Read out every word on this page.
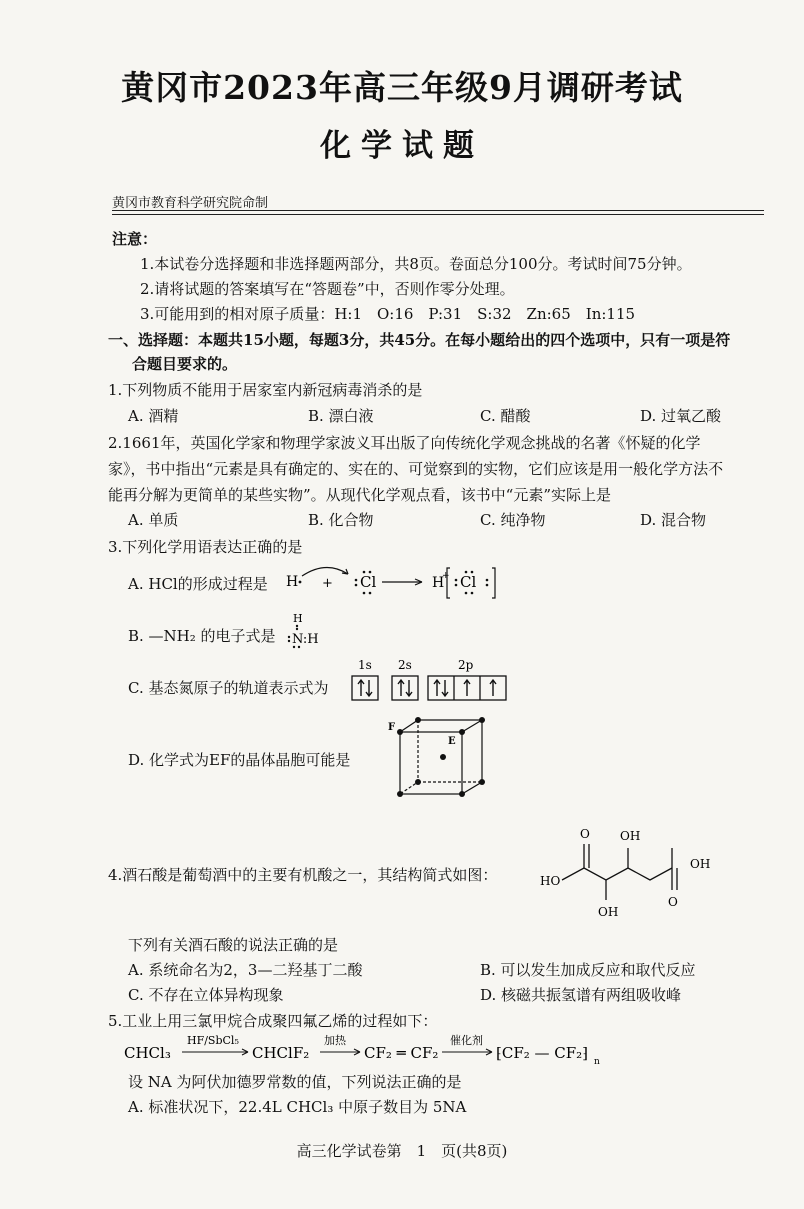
黄冈市2023年高三年级9月调研考试
化学试题
黄冈市教育科学研究院命制
注意：
1.本试卷分选择题和非选择题两部分，共8页。卷面总分100分。考试时间75分钟。
2.请将试题的答案填写在“答题卷”中，否则作零分处理。
3.可能用到的相对原子质量：H:1　O:16　P:31　S:32　Zn:65　In:115
一、选择题：本题共15小题，每题3分，共45分。在每小题给出的四个选项中，只有一项是符
合题目要求的。
1.下列物质不能用于居家室内新冠病毒消杀的是
A. 酒精	B. 漂白液	C. 醋酸	D. 过氧乙酸
2.1661年，英国化学家和物理学家波义耳出版了向传统化学观念挑战的名著《怀疑的化学
家》，书中指出“元素是具有确定的、实在的、可觉察到的实物，它们应该是用一般化学方法不
能再分解为更简单的某些实物”。从现代化学观点看，该书中“元素”实际上是
A. 单质	B. 化合物	C. 纯净物	D. 混合物
3.下列化学用语表达正确的是
A. HCl的形成过程是 H + Cl	H
+ Cl
B. —NH₂ 的电子式是
H
N:H
C. 基态氮原子的轨道表示式为
1s 2s	2p
D. 化学式为EF的晶体晶胞可能是
F
E
4.酒石酸是葡萄酒中的主要有机酸之一，其结构简式如图：
O	OH
OH
HO
OH
O
下列有关酒石酸的说法正确的是
A. 系统命名为2，3—二羟基丁二酸	B. 可以发生加成反应和取代反应
C. 不存在立体异构现象	D. 核磁共振氢谱有两组吸收峰
5.工业上用三氯甲烷合成聚四氟乙烯的过程如下：
CHCl₃
HF/SbCl₅
CHClF₂
加热
CF₂ ═ CF₂
催化剂
⁅CF₂ — CF₂⁆ n
设 NA 为阿伏加德罗常数的值，下列说法正确的是
A. 标准状况下，22.4L CHCl₃ 中原子数目为 5NA
高三化学试卷第　1　页(共8页)
